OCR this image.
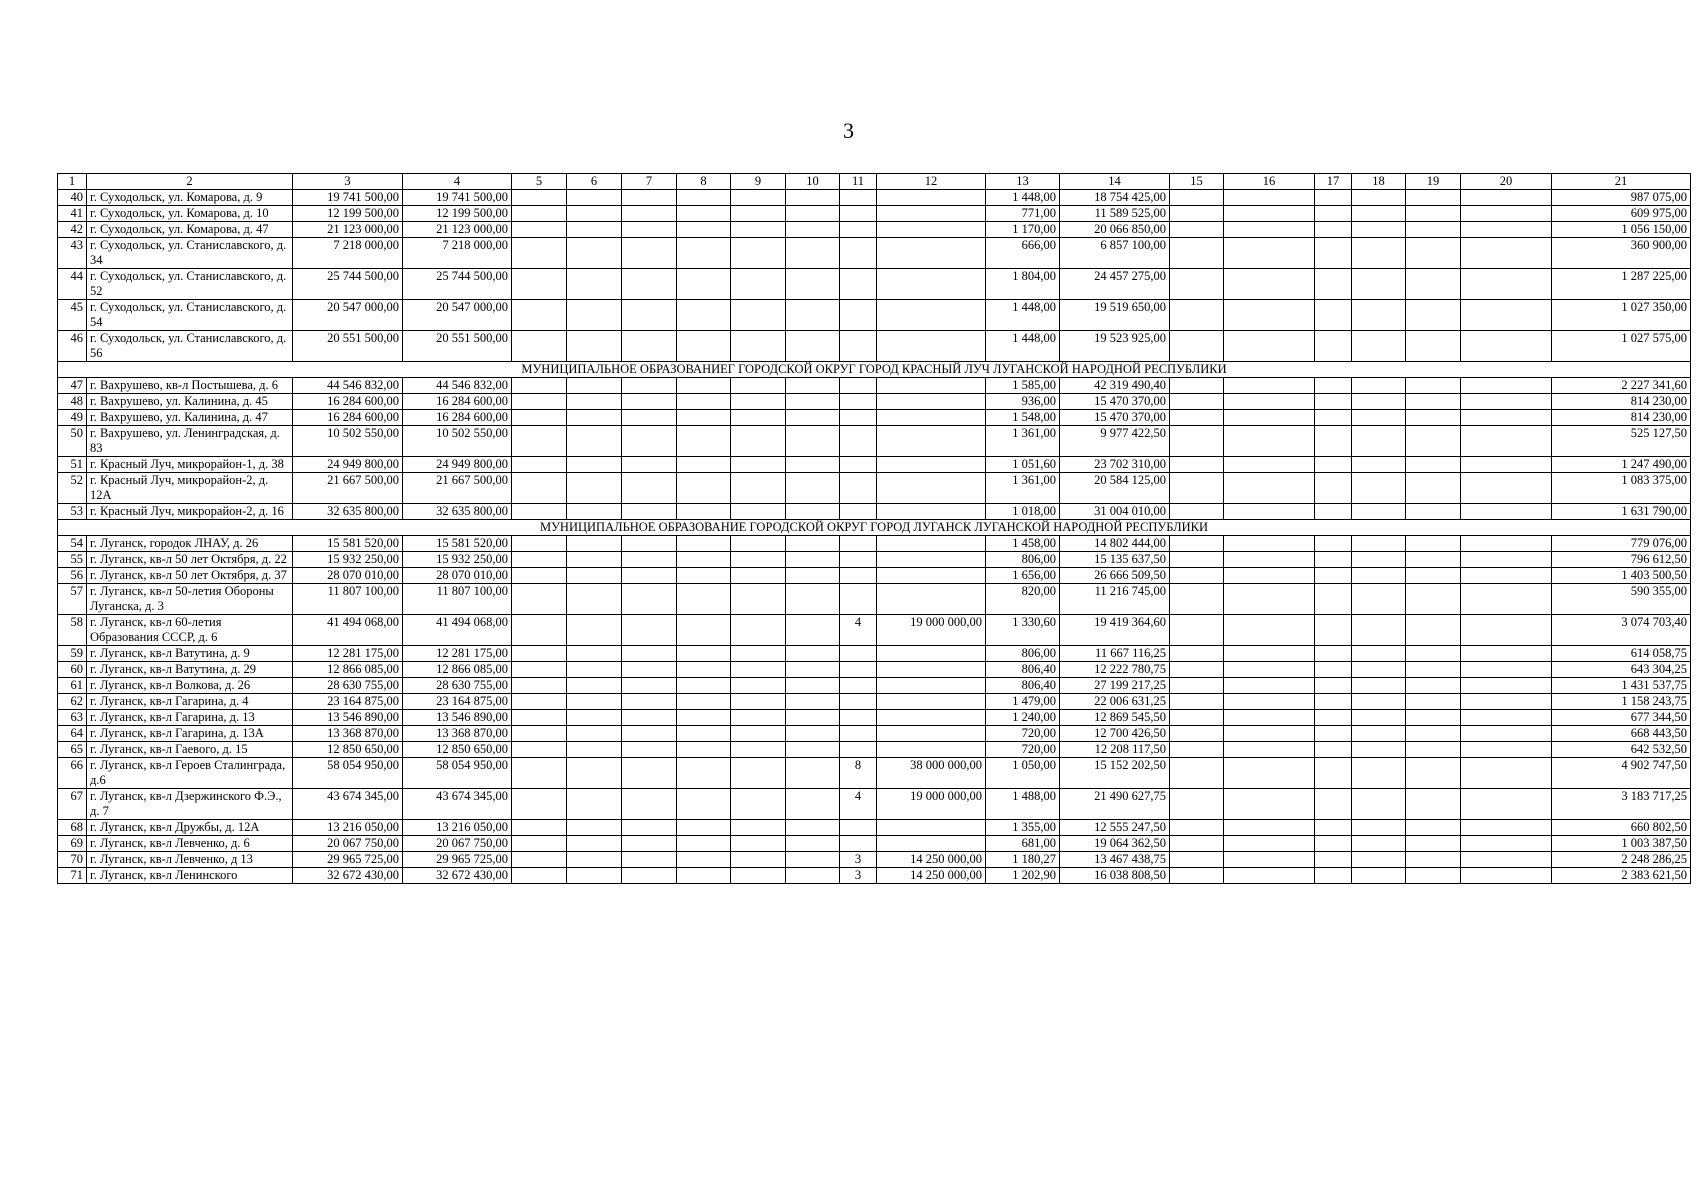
3
1	2	3	4	5	6	7	8	9	10	11	12	13	14	15	16	17	18	19	20	21
40	г. Суходольск, ул. Комарова, д. 9	19 741 500,00	19 741 500,00									1 448,00	18 754 425,00							987 075,00
41	г. Суходольск, ул. Комарова, д. 10	12 199 500,00	12 199 500,00									771,00	11 589 525,00							609 975,00
42	г. Суходольск, ул. Комарова, д. 47	21 123 000,00	21 123 000,00									1 170,00	20 066 850,00							1 056 150,00
43	г. Суходольск, ул. Станиславского, д. 34	7 218 000,00	7 218 000,00									666,00	6 857 100,00							360 900,00
44	г. Суходольск, ул. Станиславского, д. 52	25 744 500,00	25 744 500,00									1 804,00	24 457 275,00							1 287 225,00
45	г. Суходольск, ул. Станиславского, д. 54	20 547 000,00	20 547 000,00									1 448,00	19 519 650,00							1 027 350,00
46	г. Суходольск, ул. Станиславского, д. 56	20 551 500,00	20 551 500,00									1 448,00	19 523 925,00							1 027 575,00
МУНИЦИПАЛЬНОЕ ОБРАЗОВАНИЕГ ГОРОДСКОЙ ОКРУГ ГОРОД КРАСНЫЙ ЛУЧ ЛУГАНСКОЙ НАРОДНОЙ РЕСПУБЛИКИ																				
47	г. Вахрушево, кв-л Постышева, д. 6	44 546 832,00	44 546 832,00									1 585,00	42 319 490,40							2 227 341,60
48	г. Вахрушево, ул. Калинина, д. 45	16 284 600,00	16 284 600,00									936,00	15 470 370,00							814 230,00
49	г. Вахрушево, ул. Калинина, д. 47	16 284 600,00	16 284 600,00									1 548,00	15 470 370,00							814 230,00
50	г. Вахрушево, ул. Ленинградская, д. 83	10 502 550,00	10 502 550,00									1 361,00	9 977 422,50							525 127,50
51	г. Красный Луч, микрорайон-1, д. 38	24 949 800,00	24 949 800,00									1 051,60	23 702 310,00							1 247 490,00
52	г. Красный Луч, микрорайон-2, д. 12А	21 667 500,00	21 667 500,00									1 361,00	20 584 125,00							1 083 375,00
53	г. Красный Луч, микрорайон-2, д. 16	32 635 800,00	32 635 800,00									1 018,00	31 004 010,00							1 631 790,00
МУНИЦИПАЛЬНОЕ ОБРАЗОВАНИЕ ГОРОДСКОЙ ОКРУГ ГОРОД ЛУГАНСК ЛУГАНСКОЙ НАРОДНОЙ РЕСПУБЛИКИ																				
54	г. Луганск, городок ЛНАУ, д. 26	15 581 520,00	15 581 520,00									1 458,00	14 802 444,00							779 076,00
55	г. Луганск, кв-л 50 лет Октября, д. 22	15 932 250,00	15 932 250,00									806,00	15 135 637,50							796 612,50
56	г. Луганск, кв-л 50 лет Октября, д. 37	28 070 010,00	28 070 010,00									1 656,00	26 666 509,50							1 403 500,50
57	г. Луганск, кв-л 50-летия Обороны Луганска, д. 3	11 807 100,00	11 807 100,00									820,00	11 216 745,00							590 355,00
58	г. Луганск, кв-л 60-летия Образования СССР, д. 6	41 494 068,00	41 494 068,00							4	19 000 000,00	1 330,60	19 419 364,60							3 074 703,40
59	г. Луганск, кв-л Ватутина, д. 9	12 281 175,00	12 281 175,00									806,00	11 667 116,25							614 058,75
60	г. Луганск, кв-л Ватутина, д. 29	12 866 085,00	12 866 085,00									806,40	12 222 780,75							643 304,25
61	г. Луганск, кв-л Волкова, д. 26	28 630 755,00	28 630 755,00									806,40	27 199 217,25							1 431 537,75
62	г. Луганск, кв-л Гагарина, д. 4	23 164 875,00	23 164 875,00									1 479,00	22 006 631,25							1 158 243,75
63	г. Луганск, кв-л Гагарина, д. 13	13 546 890,00	13 546 890,00									1 240,00	12 869 545,50							677 344,50
64	г. Луганск, кв-л Гагарина, д. 13А	13 368 870,00	13 368 870,00									720,00	12 700 426,50							668 443,50
65	г. Луганск, кв-л Гаевого, д. 15	12 850 650,00	12 850 650,00									720,00	12 208 117,50							642 532,50
66	г. Луганск, кв-л Героев Сталинграда, д.6	58 054 950,00	58 054 950,00							8	38 000 000,00	1 050,00	15 152 202,50							4 902 747,50
67	г. Луганск, кв-л Дзержинского Ф.Э., д. 7	43 674 345,00	43 674 345,00							4	19 000 000,00	1 488,00	21 490 627,75							3 183 717,25
68	г. Луганск, кв-л Дружбы, д. 12А	13 216 050,00	13 216 050,00									1 355,00	12 555 247,50							660 802,50
69	г. Луганск, кв-л Левченко, д. 6	20 067 750,00	20 067 750,00									681,00	19 064 362,50							1 003 387,50
70	г. Луганск, кв-л Левченко, д 13	29 965 725,00	29 965 725,00							3	14 250 000,00	1 180,27	13 467 438,75							2 248 286,25
71	г. Луганск, кв-л Ленинского	32 672 430,00	32 672 430,00							3	14 250 000,00	1 202,90	16 038 808,50							2 383 621,50
